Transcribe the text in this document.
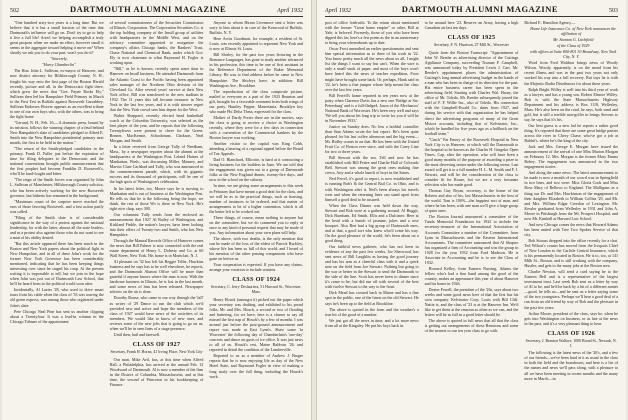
502	DARTMOUTH ALUMNI MAGAZINE	April 1932

"One hundred sixty-two years is a long time. But we believe that it is but a small fraction of the time that Dartmouth's influence will go on. Don't try to go to help it live a full life! Aren't we helping accomplish a truly great purpose when we make an effort, however small it seems in the aggregate toward helping it move on? When shortly we ask you to do your part, won't you do it?

"Sincerely,

"Harry Chamberlin"

The Hon. John L. Sullivan, ex-mayor of Hanover, and now district attorney for Hillsborough County, N. H., fought his way onto the first page of the Boston Herald recently, picture and all, in the Democratic fight there, which grew the news that "Gov. Payne Backs Ely." Sullivan then led his Hampshire Field Primary in March to the First Test in Buffalo against Roosevelt Garrabhey. Sullivan Endorses Hoover appears as an excellent tribute to one of our own boys who, with the others, was to bring the fight home.

"Gerund, N. H., Feb. 16.—A dramatic press, bound by its mission, follows the winning chapter of a feud behind New Hampshire's slate of candidates pledged to Alfred E. Smith into the New Hampshire presidential primary next month, the first to be held in the nation."

"The return of the Smith-pledged candidates in the primary, Frank D. Fuller just before the expiration of time for filing delegates to the Democratic and the national conventions brought public announcement that the first prophet had become Franklin D. Roosevelt's, who'll be hard-fought and bitter.

"The reign of the Smith forces was organized by John L. Sullivan of Manchester, Hillsborough County solicitor, who has been actively working for the new Roosevelt governor, but hitherto has remained in the background.

"Maximum count of the surprise move reached the ears of those favoring Roosevelt, and a fast action partly was called.

"Filing of the Smith slate is of considerable significance in the way of a protest against the national leadership, for with the latter, almost all the state leaders, and as a protest also against those who do not want to see a man of his ability denied.

"But this article appeared there has been much in the Boston and New York papers about the political fight in New Hampshire, and in all of these John's work for the former New York Governor has been considerably mentioned, indicating that he has been keeping things interesting over since he staged his coup. At the present writing it is impossible to tell, but we join in the hope when John was just out of Dartmouth Law School, that he'll be heard from in the political world soon after.

Incidentally, Al Lazier '28, who used to drive smart tours from his cable when the class of '33 was touring the old green express, was among those who registered under John's slate.

Pete Chicago Neal Pine has sent us another clipping about a Twentyfour. It was a lead-in column in the Chicago Tribune of the appointment

of several commissioners of the Securities Commission of Illinois. Corporation. The Corporation Securities Co. is the top holding company of the Insull group of utilities with headquarters in the Middle West, and on the advisory committee appointed to reorganize the company's affairs Chicago banks, the Bankers' Trust, Chase National and Chemical Bank, under which Gov. Ely is now chairman to what Raymond H. Fogler is working upon.

"Bill," as he is known, recently spent some time in Hanover on Insull business. He attended Dartmouth from the Atlantic Coast to the Pacific having been appointed sales manager of the Northern Ohio division of the Cleveland Co. After several years' service at their New York office, Bill was transferred to the new stadium in 1932. The 11 years this fall became treasurer in New York in the last few years, and it is with sincere regret that the New York crowd sees him depart for the West.

Walter Sheppard, recently elected head basketball coach at the Columbia University, was selected as the best player of the year, and he reports that the following Twentyfivers were present to cheer for the Green: Bonner, MacKenzie, Schocktman, Clarkson, Neal Morgan, and Smith.

In a letter received from George Tully of Needham, Mass., by a newspaper reporter about the alumni at the headquarters at the Washington Post, Leland Haines of Manhattan, Wash., was discussing Miller, Mauney, and Marvin Clute Carlsbad and Tully, who was announced in the commencement parade, which, with its gigantic success and its thousand of participants, will be one of the high spots of Washington's celebration.

In his latest letter, too, Moore says he is moving to Manhattan and is out of business at the Washington Post. He tells us that he is the following being the hope, we think, the rest of those Wo is there in New York. He's right nice chap, says 300.

Our columnist Tully sends from the enclosed an announcement that 1927 Al Bailey of Washington, and Kirkland Finkle, the nation's lawyer, have been looking into their offers of Twenty-two and Smith, who has New Hampshire.

Through the Manual Records Office of Hanover comes the news that Bill Palmer is now connected with the real estate department of Henry L. Doherty and Co. at 60 Wall Street, New York. His home is in Montclair, N. J.

Al pleasant on '32 has left his Reggie Teller, Hawkins business and he says has to be well elsewhere, he reports, and the Dartmouth Alumni Office will be more than grateful if anyone knows where the man is now. With the hardware business in Illinois, he is lost in the last month, and some news of him has been released. Newspaper advices on the air is done.

Dorothy Rouse, who came to our way through the 'fall' as writer of '29 Dance to run the club which we'd provided new and active and hope the members of the class of 1927 would have news of the activities of its members. We would like to know of new ones, and reviews some of the new jobs that is going to go on us, when we'll be in seen lines of a stage presence.

Until then, hail and farewell.

CLASS OF 1927
Secretary, Frank H. Horan, 41 Irving Place, New York City

Our man, Mike Avil, has, at this time when Alfred Hall, a Philadelphia, has arrived at the annual Feb. 12 Woodward of Dartmouth. Al is now a member of the firm in the District of Columbia, Massachusetts, and at this time, the second of Princeton in his bookkeeping of Finance.

Anyone to whom Hiram Livermore sent a letter was sorry to him about it in care of the Kenwood of Buffalo, Buffalo, N. Y.

Here Arvin Goodman, for example, a resident of St. Louis, was recently appointed to represent New York and is now at Illinois St. Louis.

Bill Shirley, for the past two years lecturing in the Romance Languages, has gone to study another advanced in his profession, this time to be one of first assistant in the Reference Department of the Baker Memorial Library. He was to find address before he came to New Hampshire. The Shirleys have, in addition: Bill Washington Ave., Brookline.

The reproduction of the class composite picture, mailed to everyone as a part of the 1923 Reunion and gift, brought for a favorable comment from both wings of our party. Huntley Pepper, Mauretania, Brooklyn boy who made Phi Delta Theta, expressed for the class.

Mother of Dardy Porter there are in the movies, says the class is going to receive a choice in Washington recently, where they were for a few days in connection with a convention of the Commercial bankers by the Boston lawyer was working.

Another visitor to the capital was King Cobb, attending a hearing of a regional appeal before the Board of Tax Appeals.

Dad O. Blanchard, Ellicotte, is hard at it contracting a living business for the builders in June. We are told that the engagement was given out to a group of Dartmouth folks at the New England dinner, twenty-five days, and now in the school on the subway.

In time, we are giving some arrangements to this week in February that have meant a good deal for the class, and we will be as to the practical things, such as housing, number of instances to be ordered, and that matter of arrangements to be of a higher contention, which is all the better left to be worked out.

These things, of course, mean nothing to anyone but on the committee, but we do commend you to reply at once to any kind of personal request that may be made of you. Any information about your own plans will help.

The above, with two deaths, is the only mention that can be made of the loss of the eldest of Patrick Buckley, whose life has been so full of this world, and I heard of his mention of the other passing companions who have gone on before us.

Your cooperation is expected. If you have any claims, arrange your vacation to include reunion.

CLASS OF 1924
Secretary, C. Jerry Deslauriers, 51 Harvard St., Worcester, Mass.

Henry Houck (amongst it) picked out the paper which your secretary was drafting, and exhibited to his proud folks, Mr. and Mrs. Houck, a second or two of flooding and buttering, for we have, here is a chance to say all missed the first nap of Houck's by a few of months. I was around just before the post-ground announcement and report was made at East Lynn's. Shaw some 'in Worcester' the following day of Chamberlain's 'one-day' concerts and dance on gusts of ice office. It was just news to all of us. Houck's rest, Maine Baldwin '26, and reported in detail the condition of the Lumberville.

Reported to us as a member of Andrew J. Barger reports that he is now enjoying life as day of the New Hotel State, and Raymond Fogler in view of making a long study over the full thing, including the Houck's work.

April 1932	DARTMOUTH ALUMNI MAGAZINE	503

post of office forthwith. To the return about mentioned with the former "Great home empire" or other, Bill at Yale, is beloved. Formerly, those of you who have been dipped this far, here's a few poem as the in an anniversary to bring your whereabouts up to date.

Oscar Frost unearthed an earlier questionnaire and sent him special information as to three of his work in '22. You know pretty much all the news about us all, I might list the things I want to say but can't. When the wire is only a small stack of paper, and most of the boys won't have heard this the news of teacher expedition, Frost might have brought some back. Or, perhaps, Hank said in '22, he's been a fine jumper whose help meant the class over the last few years.

Bill Ferrell's home reported in ten years now at the pasty when Clarence Davis has a new one 'Bridge at Ste. Petersburg' and is a full-fledged, Jason of the Mechanics' National Bank of Worcester. He's been very well and says 'We tell you about his long trip to write for you if will be in November 1933.'

Justice on Sunday does. No less a faithful controller than Stan Adams wrote the last report. He's been quite pleased for his last coffee afternoon and the big event—Mr. Ridley comes in on that. He has been with the United Fruit Co. of Boston ever since, and with the Carey Line for two or three years.

Bill Stewart with the sea. Tell and now he has established with Bill Pettee and Charlie Hall of Colorado Bell. Stewart was among the great ones making fine crews, Arty and a whole bunch of boys in the States.

Ned Ferrel, it's good to report, is now established and is running Bob's & the Central Rail Co. in Ohio, and is with Washington after it. Ned's been always his travels west and when the returning lines can stand apart from himself a good deal to be assured.

When the Class Dinner was held down the way, Stewart and Bob were at a gathering around. Al Buggit, Dick Burnham, Ed Smith, Ellis and a Dulcimer. Here at the head with a bunch of jasmine, jokes and a rose bouquet. Also Bert had a big group of Dartmouth ones, and at that, a good sort who knew who'd come his way. On the good pleasure of the world, he's been about on a good thing.

Our faithful news gatherer, who has not been in evidence of any the past few weeks, Joe Sherwood, has sent news of Bill Laughlin as having the good journey and has his arm as a cheerful class with it and a quick note on the field from Joe Stewart. Nothing but going to the war or better in the Stewart to send the Dartmouth to the side of the line. Scott has never been to dinner since it's come to be, but did run off with several of the best with twelve Stewart to the way to the front.

Dick Mead has crossed back in Maine and has a fine spot in the public, one of the finest on the old Stewart. He says he's been up to the field at Brookline.

The above is quoted in the form and the weather's a true bit of the good of a number.

We just got all the news in time, and a lot more news from all at the Kingsley. He put his boys back in.

to be around here '23. Reserve an Army, having a high Canadian air last ten days.

CLASS OF 1925
Secretary, F. N. Harrison, 27 Mill St., Worcester

Quote from the Boston Transcript: "Appointment of John W. Reeder as advertising director of the Cuttings Appliance Company, succeeding Truman F. Campbell, was announced today by President Lewis J. Carr. Mr. Reeder's appointment places the administration of Cuttings's long annual advertising budget in the hands of a man who has been in charge of its direction for the past. His entire business career has been spent in the advertising field. Starting with Charles Wal. Haury, the office of Mr. Toledo, Mr. Reeder subsequently joined the staff of F. F. Willie Inc., also of Toledo. His connection with the Campbell-Ewald Co. dates from 1927, and during his service with that organization he has helped direct the advertising programs of many of the Great Motors accounts, including that of Kelvinator, Inc., which he handled for five years ago as a halfback on the football team."

"Cinch" Pat Emery of the Roosevelt Hospital in New York City is in Hanover, at which will the Dartmouth to the hospital to be known as the Charles H. Gingelor Open Times. Cap, after the operation, who will have been a good many months of the purpose of awarding a prize to the most deserving senior under the following terms: Last award will get it to a full number H. L. M. Smith and F. J. Stewart, and will be the consideration of the class to consider fit for Rouse, but we are a very fortunate selection who has made good.

Thomas Guy Bryan, secretary, is the home of the Roberts and also of his, last Massachusetts in the best of the world. Tom is 100%—the happiest sort of man, and where he has been, with one man we'll give a large group of quiet ones.

The Boston Journal announced a committee of the Tanda Memorial Foundation for 1932 to include the secretary-treasurer of the International Association of Accounts Committee a number of the Committee, from Lynn in Massachusetts and the Eastern International Accountants. The committee announced that Al Shapiro has organized a firm of Accounting and was the group in 1928 for the year 1932 from Ford Madison. He is Associate in Accounting and he is to see the Class of 1932.

Howard Kelley, from Eastern Nursing, Adams the fellow who's had a fine hand among the good of the country, makes an appearance this year of about Hanover and his home in 1926.

Dexter Ferrell, the president of the '26s, says about two weeks and some good news here of that the first has his own company. Kelvinator Corp. Louis with Bill Cliff. Nattie is, and the class of '23 is at the Hanover Inn. We'd like to get them at the reunion as often as we can, and the letters will be as full as a good letter should be.

The above is quoted in full news that all that the class is getting out arrangements of these Reunions and some of the nearest to our ten year class to go with.

Richard E. Hamilton Agency—

Home Life Insurance Co. of New York announces the affiliation of

Mr. Stanton G. Litchfield

of the Class of 1929

with offices at Suite 800-801 30 Broadway, New York City, N. Y.

Word from Fred Waldron brings news of Woody Wilson. Woody, apparently, is on the mend from his recent illness and was in the past two years not only worked his way into a full recovery. But says he is with the Majestic Radio Distributors for about these years.

Ralph Bright Willey is well into his third year of work as a lawyer, and has a young son. Robert Elmore Willey. Bob is with the State Massachusetts Highway Department and his address is Box 1118, Wellesley, Mass. He's also been on the road, he says, both sand and golf, but is still a terrible non-golfer in brings Stevens to say, he says that it's his.

Our best guess is a new lad he reports a rather good thing. It's reported that there are some great bridge parties across the river in Chevy Chase, who've got a job at Rabbit's, where he's the king of the city.

Jack and Mrs. George E. Morgan have issued the announcement of the arrival of one Miss Marion Morgan on February 12. Mrs. Morgan is the former Mary Emma Robey. The engagement was announced in the two engagement stories.

And along the same news: The latest announcement to be made is now a month of our crowd was in Springfield in two lines, and two were: Miss Gloria Cook and Miss Rose Mary of Bellows to England. The Mulligans as a thing our Dr. and Mrs. Hawkinson of the engagement of their daughter Elizabeth to William Collins '29, and Mr. and Mrs. William Edgar Creedon of Lexington. Mr. Kessler graduated from Wellesley in 1931 and John A. Moore in Pittsburgh from the Mt. Prospect Hospital, and now Mr. Kimball at Harvard Law School.

And now Chicago comes the news that Howard Adams has been united with Tree Two Spokes Service of that city.

Bob Strauss dropped into the office recently for a chat. Ted Wilson's cousin has moved from the Iroquois Chief of New London to the Carlisle Central Insurance, which is his permanently located in Boston. He is to, too, at 141 Milk St., Boston, and is still working with the company, Hustler, and gets to the many jobs at the Boston area.

Charlie Newton, will send a card saying he to the Eastern Bell and is a representative of the largest investment trust. Last week Bob sent us a letter by way of Al to be, and he'd be back by a bit of a different matter—good, he tells us—and he sent us a letter saying some of the two youngsters. Perhaps we'll hear a good deal of a run from an old friend by way of Bob and the pleasure in the past few years.

Arthur Moore, president of the class, says he, when he gets into Washington on business, or as late at the news in the past, and it's a very pleasant thing to hear.

CLASS OF 1926
Secretary, J. Branton Wallace, 1000 Broad St., Newark, N. J.

The following is the latest news of the '26's, and a few of our friends—we've been hard at it as usual in the class in both the field and the boardroom, and here is a list of the names and news we'll pass along, with a pleasure to all we have been meeting in recent months and the many more in March—in
